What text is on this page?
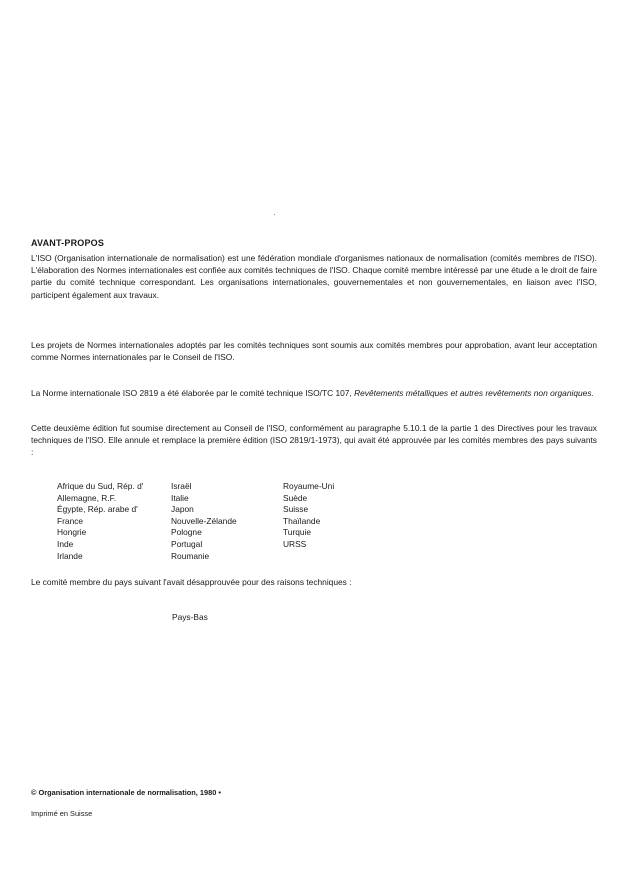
AVANT-PROPOS
L'ISO (Organisation internationale de normalisation) est une fédération mondiale d'organismes nationaux de normalisation (comités membres de l'ISO). L'élaboration des Normes internationales est confiée aux comités techniques de l'ISO. Chaque comité membre intéressé par une étude a le droit de faire partie du comité technique correspondant. Les organisations internationales, gouvernementales et non gouvernementales, en liaison avec l'ISO, participent également aux travaux.
Les projets de Normes internationales adoptés par les comités techniques sont soumis aux comités membres pour approbation, avant leur acceptation comme Normes internationales par le Conseil de l'ISO.
La Norme internationale ISO 2819 a été élaborée par le comité technique ISO/TC 107, Revêtements métalliques et autres revêtements non organiques.
Cette deuxième édition fut soumise directement au Conseil de l'ISO, conformément au paragraphe 5.10.1 de la partie 1 des Directives pour les travaux techniques de l'ISO. Elle annule et remplace la première édition (ISO 2819/1-1973), qui avait été approuvée par les comités membres des pays suivants :
Afrique du Sud, Rép. d'
Allemagne, R.F.
Égypte, Rép. arabe d'
France
Hongrie
Inde
Irlande
Israël
Italie
Japon
Nouvelle-Zélande
Pologne
Portugal
Roumanie
Royaume-Uni
Suède
Suisse
Thaïlande
Turquie
URSS
Le comité membre du pays suivant l'avait désapprouvée pour des raisons techniques :
Pays-Bas
© Organisation internationale de normalisation, 1980 •
Imprimé en Suisse
